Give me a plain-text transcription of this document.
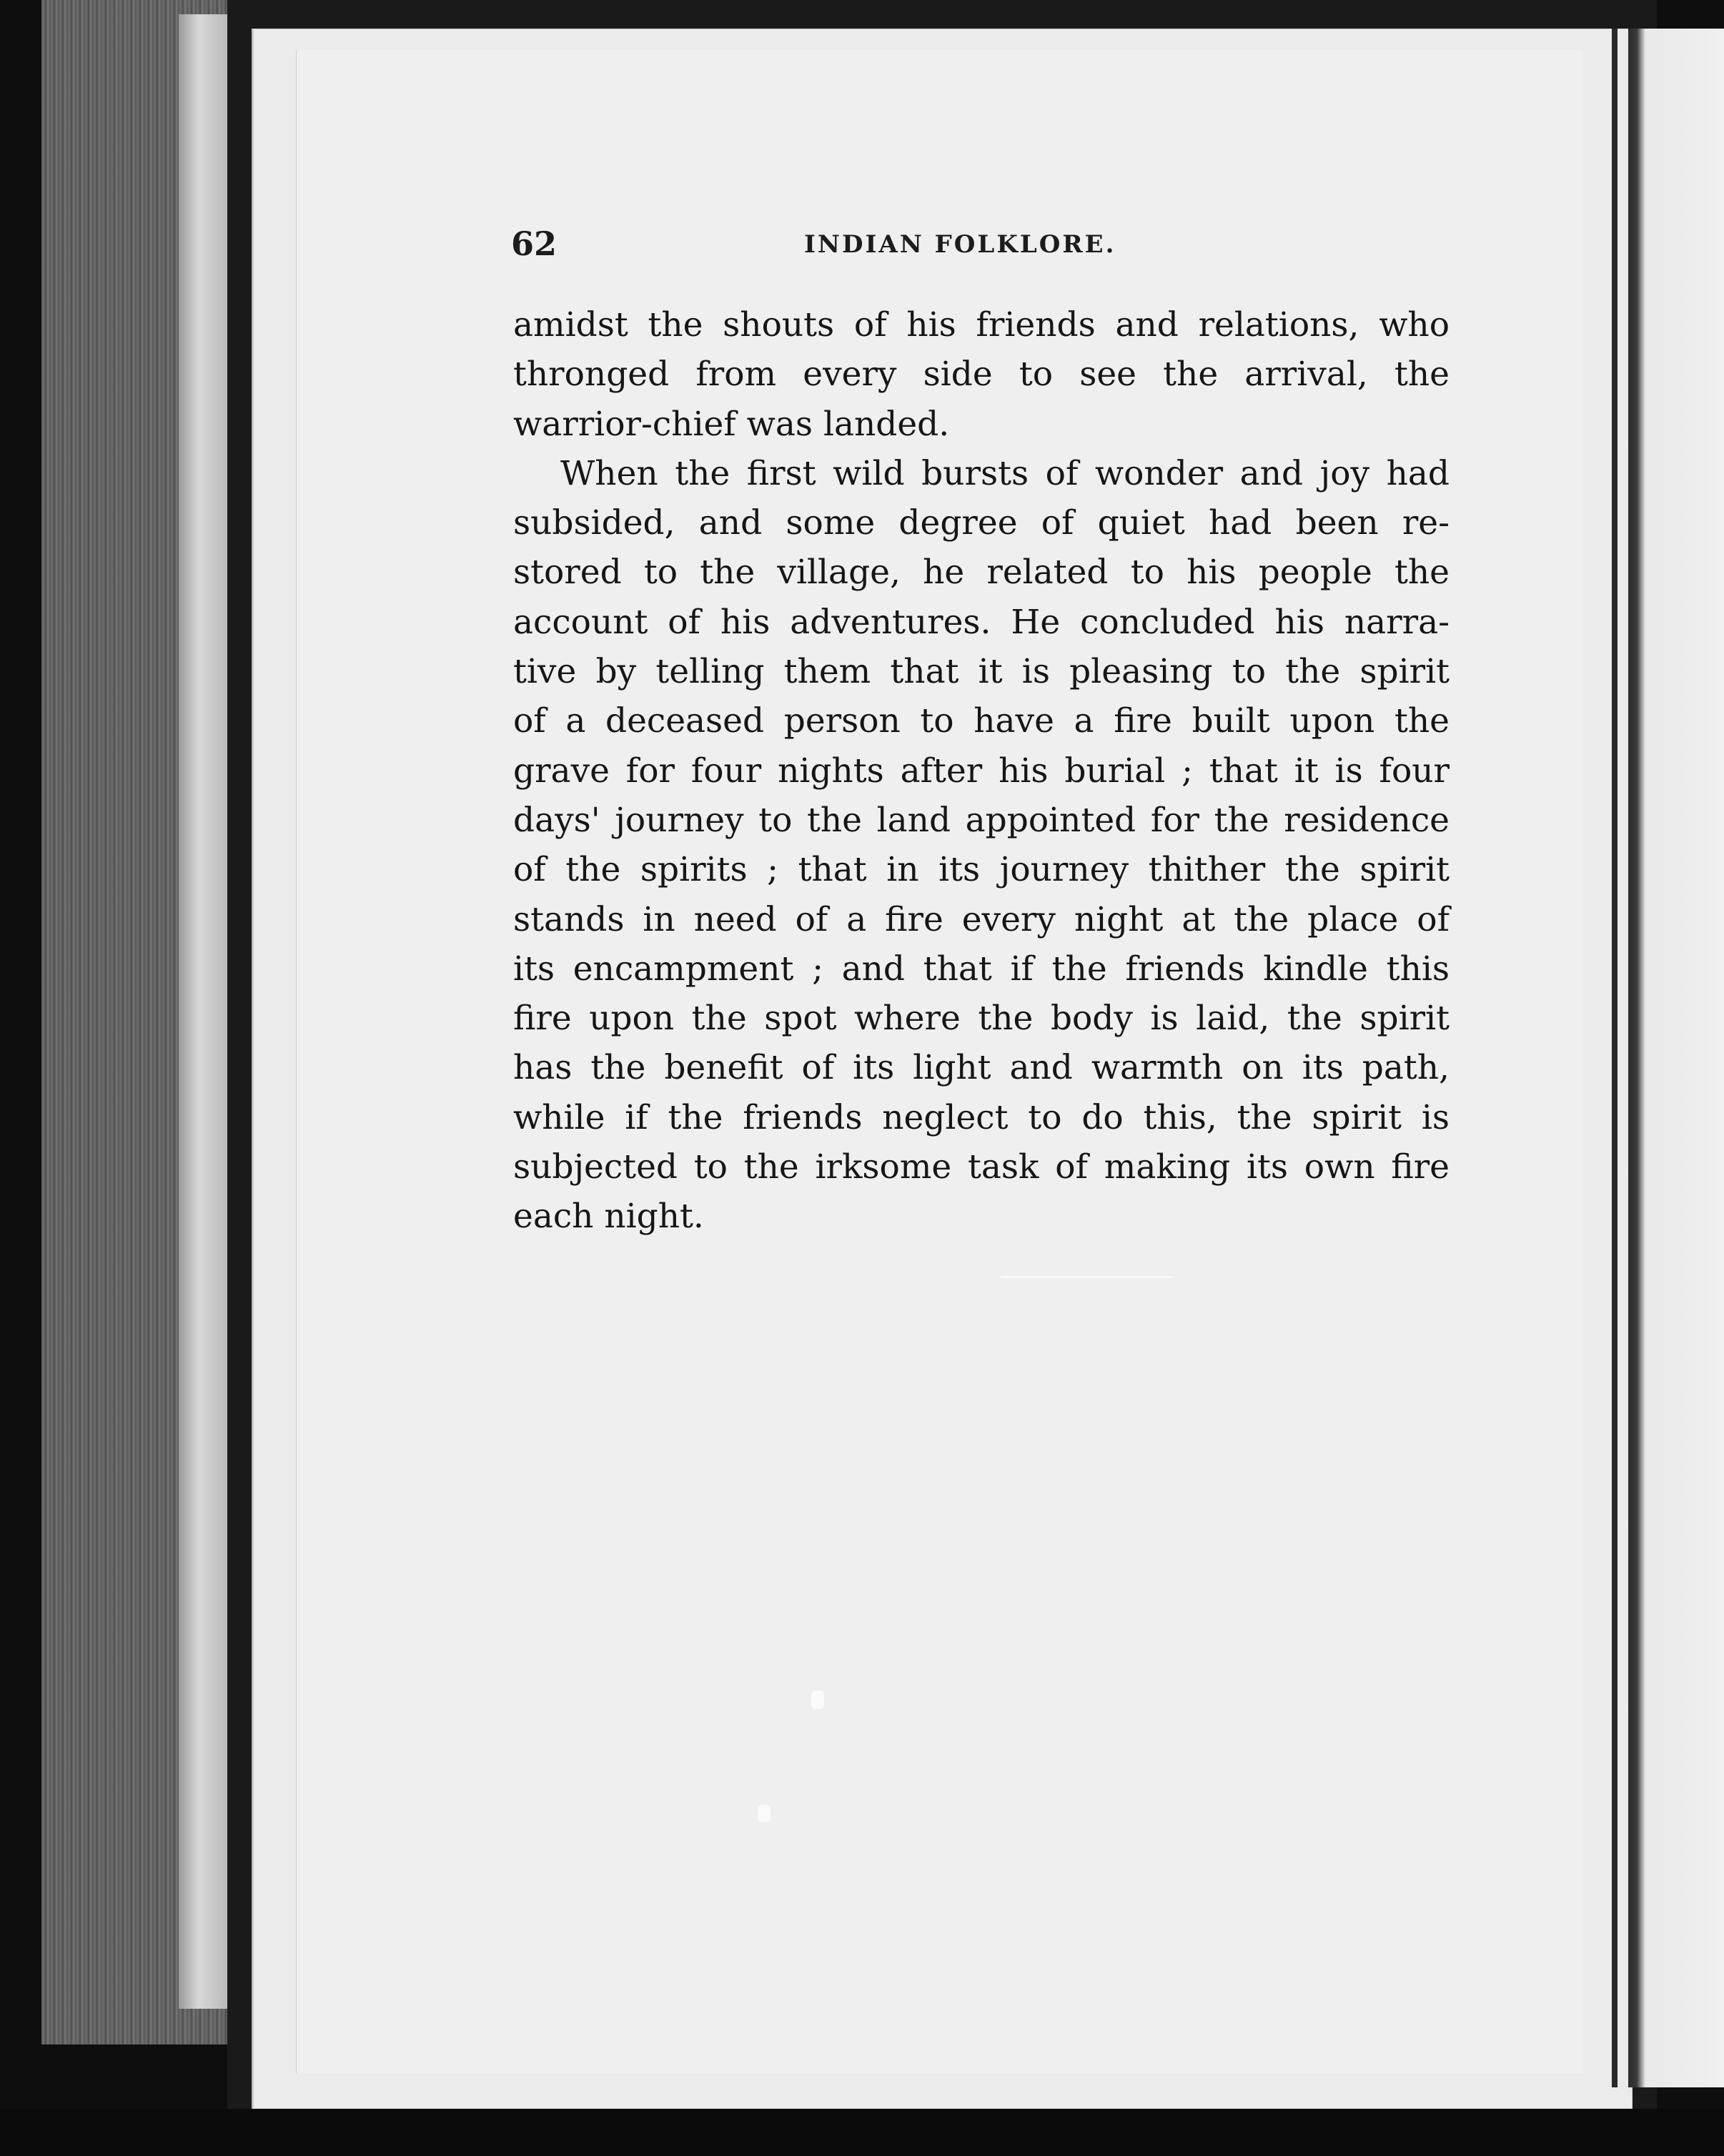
62	INDIAN FOLKLORE.
amidst the shouts of his friends and relations, who
thronged from every side to see the arrival, the
warrior-chief was landed.
When the first wild bursts of wonder and joy had
subsided, and some degree of quiet had been re-
stored to the village, he related to his people the
account of his adventures. He concluded his narra-
tive by telling them that it is pleasing to the spirit
of a deceased person to have a fire built upon the
grave for four nights after his burial ; that it is four
days' journey to the land appointed for the residence
of the spirits ; that in its journey thither the spirit
stands in need of a fire every night at the place of
its encampment ; and that if the friends kindle this
fire upon the spot where the body is laid, the spirit
has the benefit of its light and warmth on its path,
while if the friends neglect to do this, the spirit is
subjected to the irksome task of making its own fire
each night.
